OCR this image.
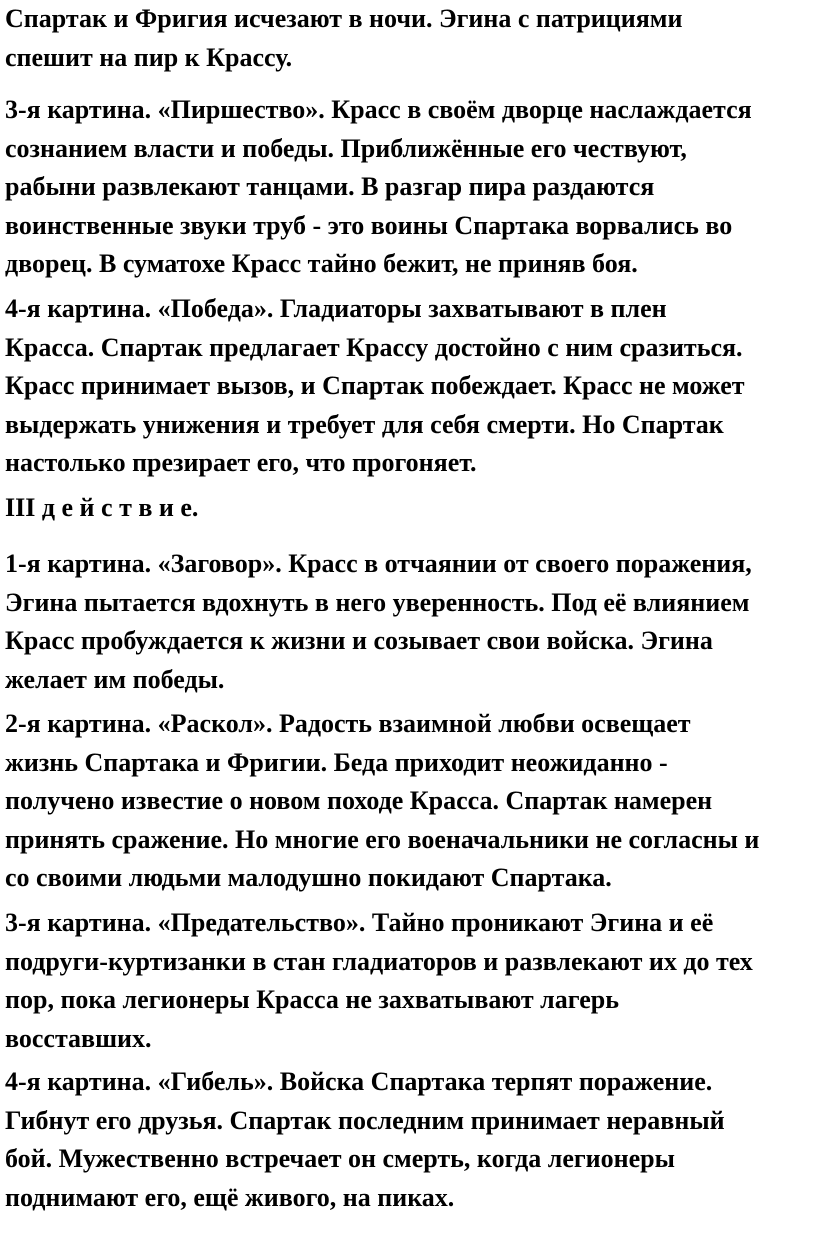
Спартак и Фригия исчезают в ночи. Эгина с патрициями
спешит на пир к Крассу.

3-я картина. «Пиршество». Красс в своём дворце наслаждается
сознанием власти и победы. Приближённые его чествуют,
рабыни развлекают танцами. В разгар пира раздаются
воинственные звуки труб - это воины Спартака ворвались во
дворец. В суматохе Красс тайно бежит, не приняв боя.

4-я картина. «Победа». Гладиаторы захватывают в плен
Красса. Спартак предлагает Крассу достойно с ним сразиться.
Красс принимает вызов, и Спартак побеждает. Красс не может
выдержать унижения и требует для себя смерти. Но Спартак
настолько презирает его, что прогоняет.

III д е й с т в и е.

1-я картина. «Заговор». Красс в отчаянии от своего поражения,
Эгина пытается вдохнуть в него уверенность. Под её влиянием
Красс пробуждается к жизни и созывает свои войска. Эгина
желает им победы.

2-я картина. «Раскол». Радость взаимной любви освещает
жизнь Спартака и Фригии. Беда приходит неожиданно -
получено известие о новом походе Красса. Спартак намерен
принять сражение. Но многие его военачальники не согласны и
со своими людьми малодушно покидают Спартака.

3-я картина. «Предательство». Тайно проникают Эгина и её
подруги-куртизанки в стан гладиаторов и развлекают их до тех
пор, пока легионеры Красса не захватывают лагерь
восставших.

4-я картина. «Гибель». Войска Спартака терпят поражение.
Гибнут его друзья. Спартак последним принимает неравный
бой. Мужественно встречает он смерть, когда легионеры
поднимают его, ещё живого, на пиках.
